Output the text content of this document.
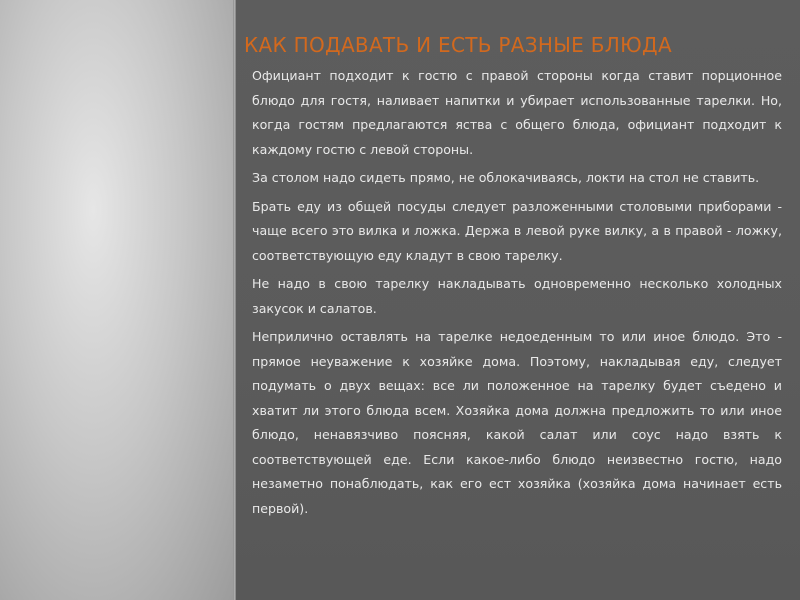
КАК ПОДАВАТЬ И ЕСТЬ РАЗНЫЕ БЛЮДА

Официант подходит к гостю с правой стороны когда ставит порционное блюдо для гостя, наливает напитки и убирает использованные тарелки. Но, когда гостям предлагаются яства с общего блюда, официант подходит к каждому гостю с левой стороны.

За столом надо сидеть прямо, не облокачиваясь, локти на стол не ставить.

Брать еду из общей посуды следует разложенными столовыми приборами - чаще всего это вилка и ложка. Держа в левой руке вилку, а в правой - ложку, соответствующую еду кладут в свою тарелку.

Не надо в свою тарелку накладывать одновременно несколько холодных закусок и салатов.

Неприлично оставлять на тарелке недоеденным то или иное блюдо. Это - прямое неуважение к хозяйке дома. Поэтому, накладывая еду, следует подумать о двух вещах: все ли положенное на тарелку будет съедено и хватит ли этого блюда всем. Хозяйка дома должна предложить то или иное блюдо, ненавязчиво поясняя, какой салат или соус надо взять к соответствующей еде. Если какое-либо блюдо неизвестно гостю, надо незаметно понаблюдать, как его ест хозяйка (хозяйка дома начинает есть первой).
